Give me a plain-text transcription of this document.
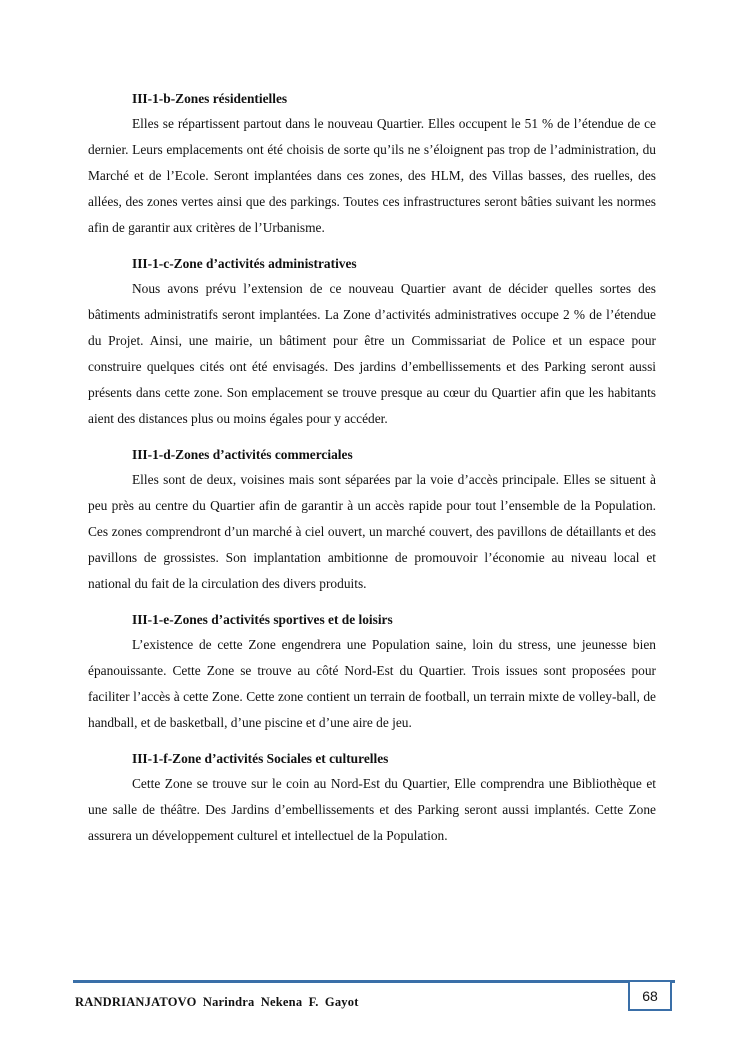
III-1-b-Zones résidentielles

Elles se répartissent partout dans le nouveau Quartier. Elles occupent le 51 % de l’étendue de ce dernier. Leurs emplacements ont été choisis de sorte qu’ils ne s’éloignent pas trop de l’administration, du Marché et de l’Ecole. Seront implantées dans ces zones, des HLM, des Villas basses, des ruelles, des allées, des zones vertes ainsi que des parkings. Toutes ces infrastructures seront bâties suivant les normes afin de garantir aux critères de l’Urbanisme.

III-1-c-Zone d’activités administratives

Nous avons prévu l’extension de ce nouveau Quartier avant de décider quelles sortes des bâtiments administratifs seront implantées. La Zone d’activités administratives occupe 2 % de l’étendue du Projet. Ainsi, une mairie, un bâtiment pour être un Commissariat de Police et un espace pour construire quelques cités ont été envisagés. Des jardins d’embellissements et des Parking seront aussi présents dans cette zone. Son emplacement se trouve presque au cœur du Quartier afin que les habitants aient des distances plus ou moins égales pour y accéder.

III-1-d-Zones d’activités commerciales

Elles sont de deux, voisines mais sont séparées par la voie d’accès principale. Elles se situent à peu près au centre du Quartier afin de garantir à un accès rapide pour tout l’ensemble de la Population. Ces zones comprendront d’un marché à ciel ouvert, un marché couvert, des pavillons de détaillants et des pavillons de grossistes. Son implantation ambitionne de promouvoir l’économie au niveau local et national du fait de la circulation des divers produits.

III-1-e-Zones d’activités sportives et de loisirs

L’existence de cette Zone engendrera une Population saine, loin du stress, une jeunesse bien épanouissante. Cette Zone se trouve au côté Nord-Est du Quartier. Trois issues sont proposées pour faciliter l’accès à cette Zone. Cette zone contient un terrain de football, un terrain mixte de volley-ball, de handball, et de basketball, d’une piscine et d’une aire de jeu.

III-1-f-Zone d’activités Sociales et culturelles

Cette Zone se trouve sur le coin au Nord-Est du Quartier, Elle comprendra une Bibliothèque et une salle de théâtre. Des Jardins d’embellissements et des Parking seront aussi implantés. Cette Zone assurera un développement culturel et intellectuel de la Population.

RANDRIANJATOVO Narindra Nekena F. Gayot	68
